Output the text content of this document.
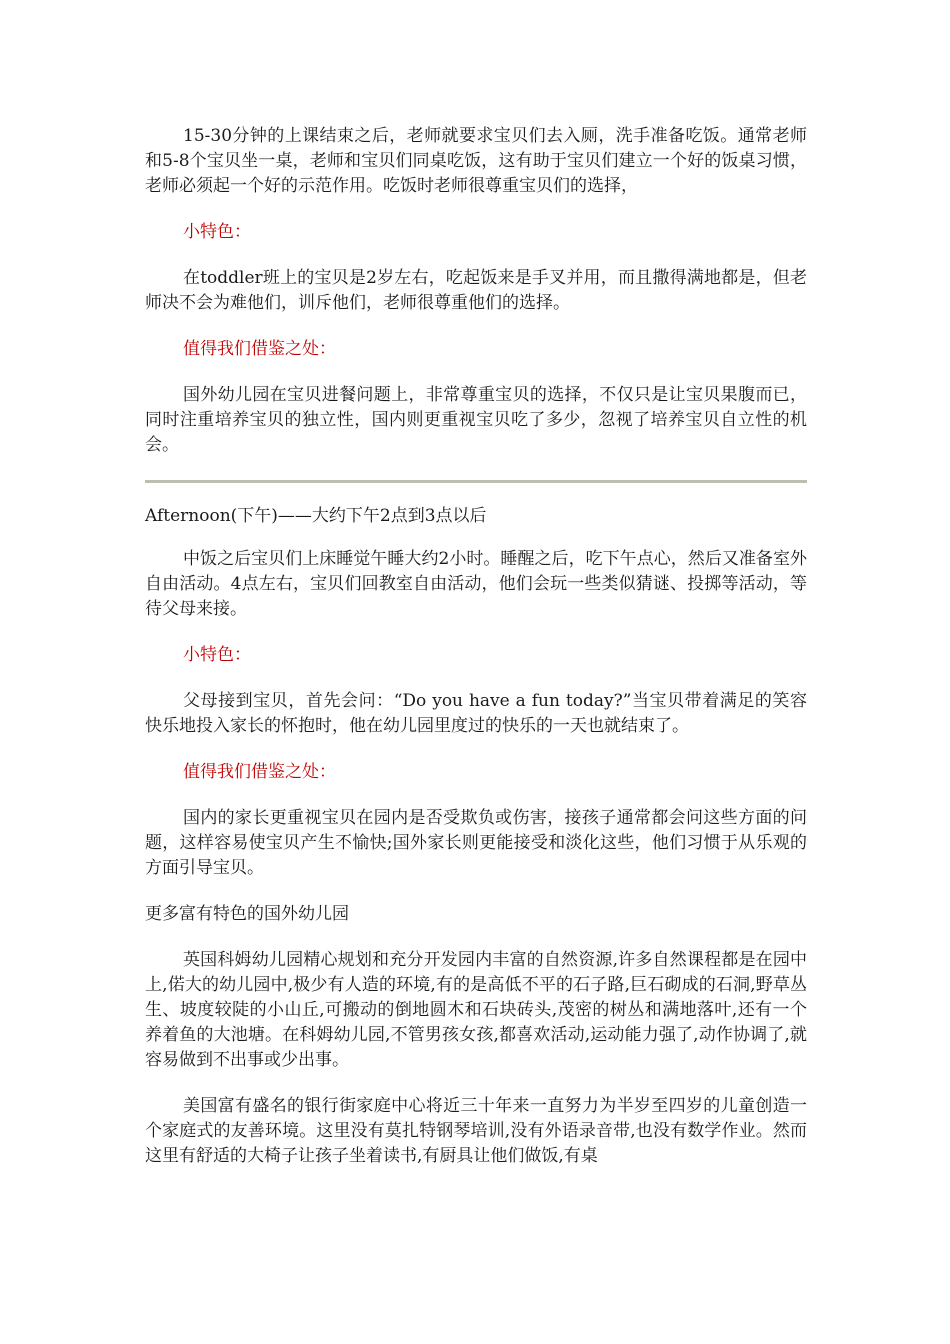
15-30分钟的上课结束之后，老师就要求宝贝们去入厕，洗手准备吃饭。通常老师和5-8个宝贝坐一桌，老师和宝贝们同桌吃饭，这有助于宝贝们建立一个好的饭桌习惯，老师必须起一个好的示范作用。吃饭时老师很尊重宝贝们的选择，

小特色：

在toddler班上的宝贝是2岁左右，吃起饭来是手叉并用，而且撒得满地都是，但老师决不会为难他们，训斥他们，老师很尊重他们的选择。

值得我们借鉴之处：

国外幼儿园在宝贝进餐问题上，非常尊重宝贝的选择，不仅只是让宝贝果腹而已，同时注重培养宝贝的独立性，国内则更重视宝贝吃了多少，忽视了培养宝贝自立性的机会。

Afternoon(下午)——大约下午2点到3点以后

中饭之后宝贝们上床睡觉午睡大约2小时。睡醒之后，吃下午点心，然后又准备室外自由活动。4点左右，宝贝们回教室自由活动，他们会玩一些类似猜谜、投掷等活动，等待父母来接。

小特色：

父母接到宝贝，首先会问：“Do you have a fun today?”当宝贝带着满足的笑容快乐地投入家长的怀抱时，他在幼儿园里度过的快乐的一天也就结束了。

值得我们借鉴之处：

国内的家长更重视宝贝在园内是否受欺负或伤害，接孩子通常都会问这些方面的问题，这样容易使宝贝产生不愉快;国外家长则更能接受和淡化这些，他们习惯于从乐观的方面引导宝贝。

更多富有特色的国外幼儿园

英国科姆幼儿园精心规划和充分开发园内丰富的自然资源,许多自然课程都是在园中上,偌大的幼儿园中,极少有人造的环境,有的是高低不平的石子路,巨石砌成的石洞,野草丛生、坡度较陡的小山丘,可搬动的倒地圆木和石块砖头,茂密的树丛和满地落叶,还有一个养着鱼的大池塘。在科姆幼儿园,不管男孩女孩,都喜欢活动,运动能力强了,动作协调了,就容易做到不出事或少出事。

美国富有盛名的银行街家庭中心将近三十年来一直努力为半岁至四岁的儿童创造一个家庭式的友善环境。这里没有莫扎特钢琴培训,没有外语录音带,也没有数学作业。然而这里有舒适的大椅子让孩子坐着读书,有厨具让他们做饭,有桌
